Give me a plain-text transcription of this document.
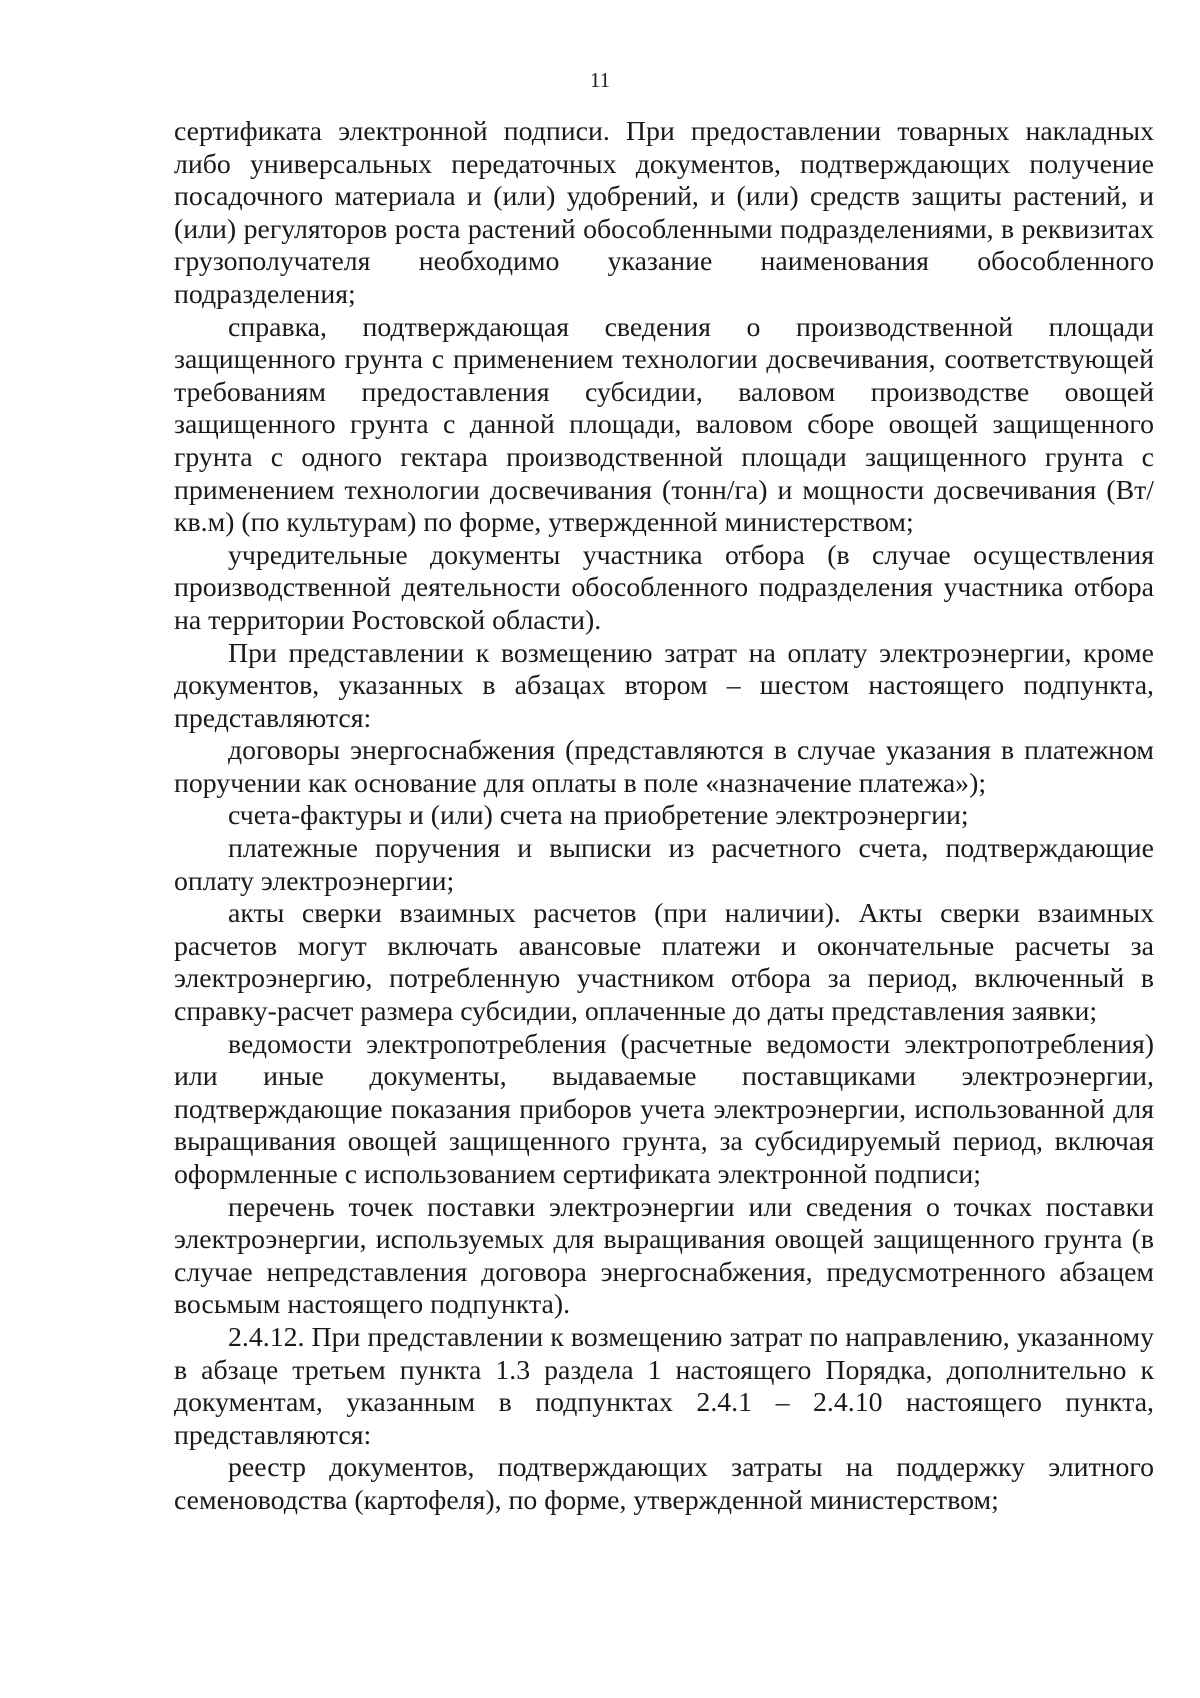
11

сертификата электронной подписи. При предоставлении товарных накладных либо универсальных передаточных документов, подтверждающих получение посадочного материала и (или) удобрений, и (или) средств защиты растений, и (или) регуляторов роста растений обособленными подразделениями, в реквизитах грузополучателя необходимо указание наименования обособленного подразделения;

справка, подтверждающая сведения о производственной площади защищенного грунта с применением технологии досвечивания, соответствующей требованиям предоставления субсидии, валовом производстве овощей защищенного грунта с данной площади, валовом сборе овощей защищенного грунта с одного гектара производственной площади защищенного грунта с применением технологии досвечивания (тонн/га) и мощности досвечивания (Вт/кв.м) (по культурам) по форме, утвержденной министерством;

учредительные документы участника отбора (в случае осуществления производственной деятельности обособленного подразделения участника отбора на территории Ростовской области).

При представлении к возмещению затрат на оплату электроэнергии, кроме документов, указанных в абзацах втором – шестом настоящего подпункта, представляются:

договоры энергоснабжения (представляются в случае указания в платежном поручении как основание для оплаты в поле «назначение платежа»);

счета-фактуры и (или) счета на приобретение электроэнергии;

платежные поручения и выписки из расчетного счета, подтверждающие оплату электроэнергии;

акты сверки взаимных расчетов (при наличии). Акты сверки взаимных расчетов могут включать авансовые платежи и окончательные расчеты за электроэнергию, потребленную участником отбора за период, включенный в справку-расчет размера субсидии, оплаченные до даты представления заявки;

ведомости электропотребления (расчетные ведомости электропотребления) или иные документы, выдаваемые поставщиками электроэнергии, подтверждающие показания приборов учета электроэнергии, использованной для выращивания овощей защищенного грунта, за субсидируемый период, включая оформленные с использованием сертификата электронной подписи;

перечень точек поставки электроэнергии или сведения о точках поставки электроэнергии, используемых для выращивания овощей защищенного грунта (в случае непредставления договора энергоснабжения, предусмотренного абзацем восьмым настоящего подпункта).

2.4.12. При представлении к возмещению затрат по направлению, указанному в абзаце третьем пункта 1.3 раздела 1 настоящего Порядка, дополнительно к документам, указанным в подпунктах 2.4.1 – 2.4.10 настоящего пункта, представляются:

реестр документов, подтверждающих затраты на поддержку элитного семеноводства (картофеля), по форме, утвержденной министерством;
